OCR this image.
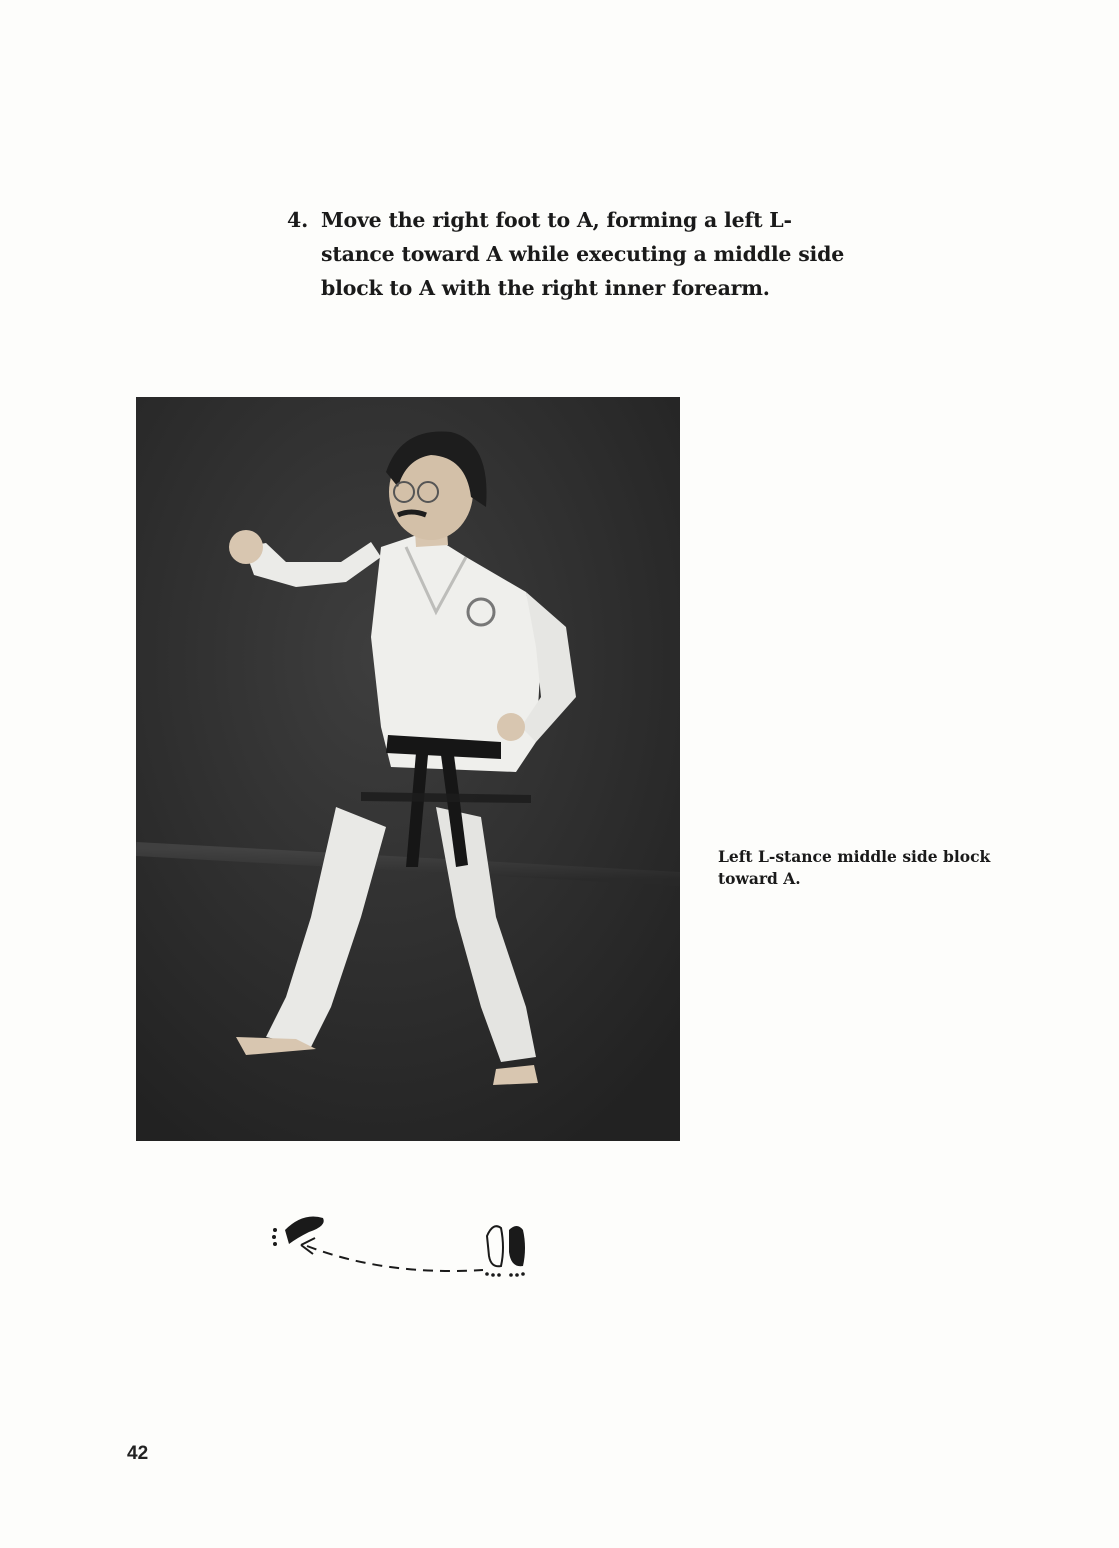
4. Move the right foot to A, forming a left L-stance toward A while executing a middle side block to A with the right inner forearm.
Left L-stance middle side block toward A.
42
